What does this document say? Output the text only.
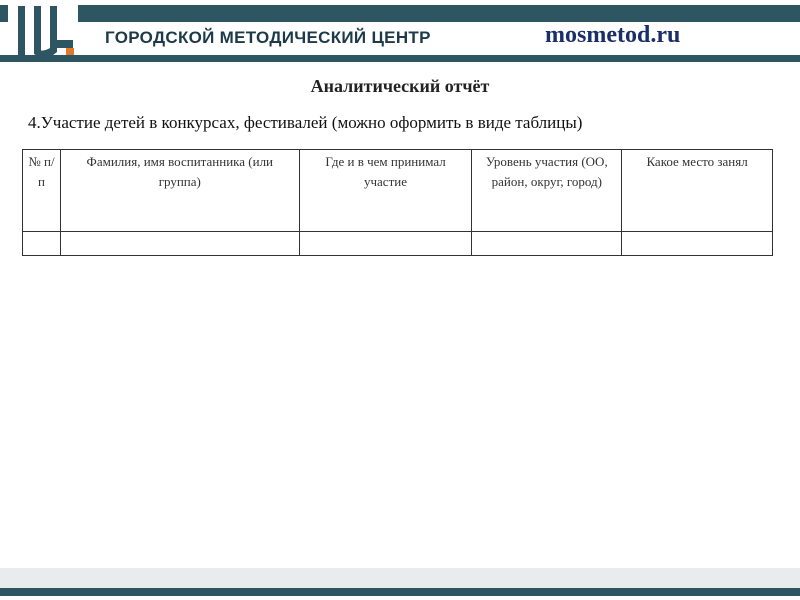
ГОРОДСКОЙ МЕТОДИЧЕСКИЙ ЦЕНТР	mosmetod.ru
Аналитический отчёт
4.Участие детей в конкурсах, фестивалей (можно оформить в виде таблицы)
№ п/п	Фамилия, имя воспитанника (или группа)	Где и в чем принимал участие	Уровень участия (ОО, район, округ, город)	Какое место занял
